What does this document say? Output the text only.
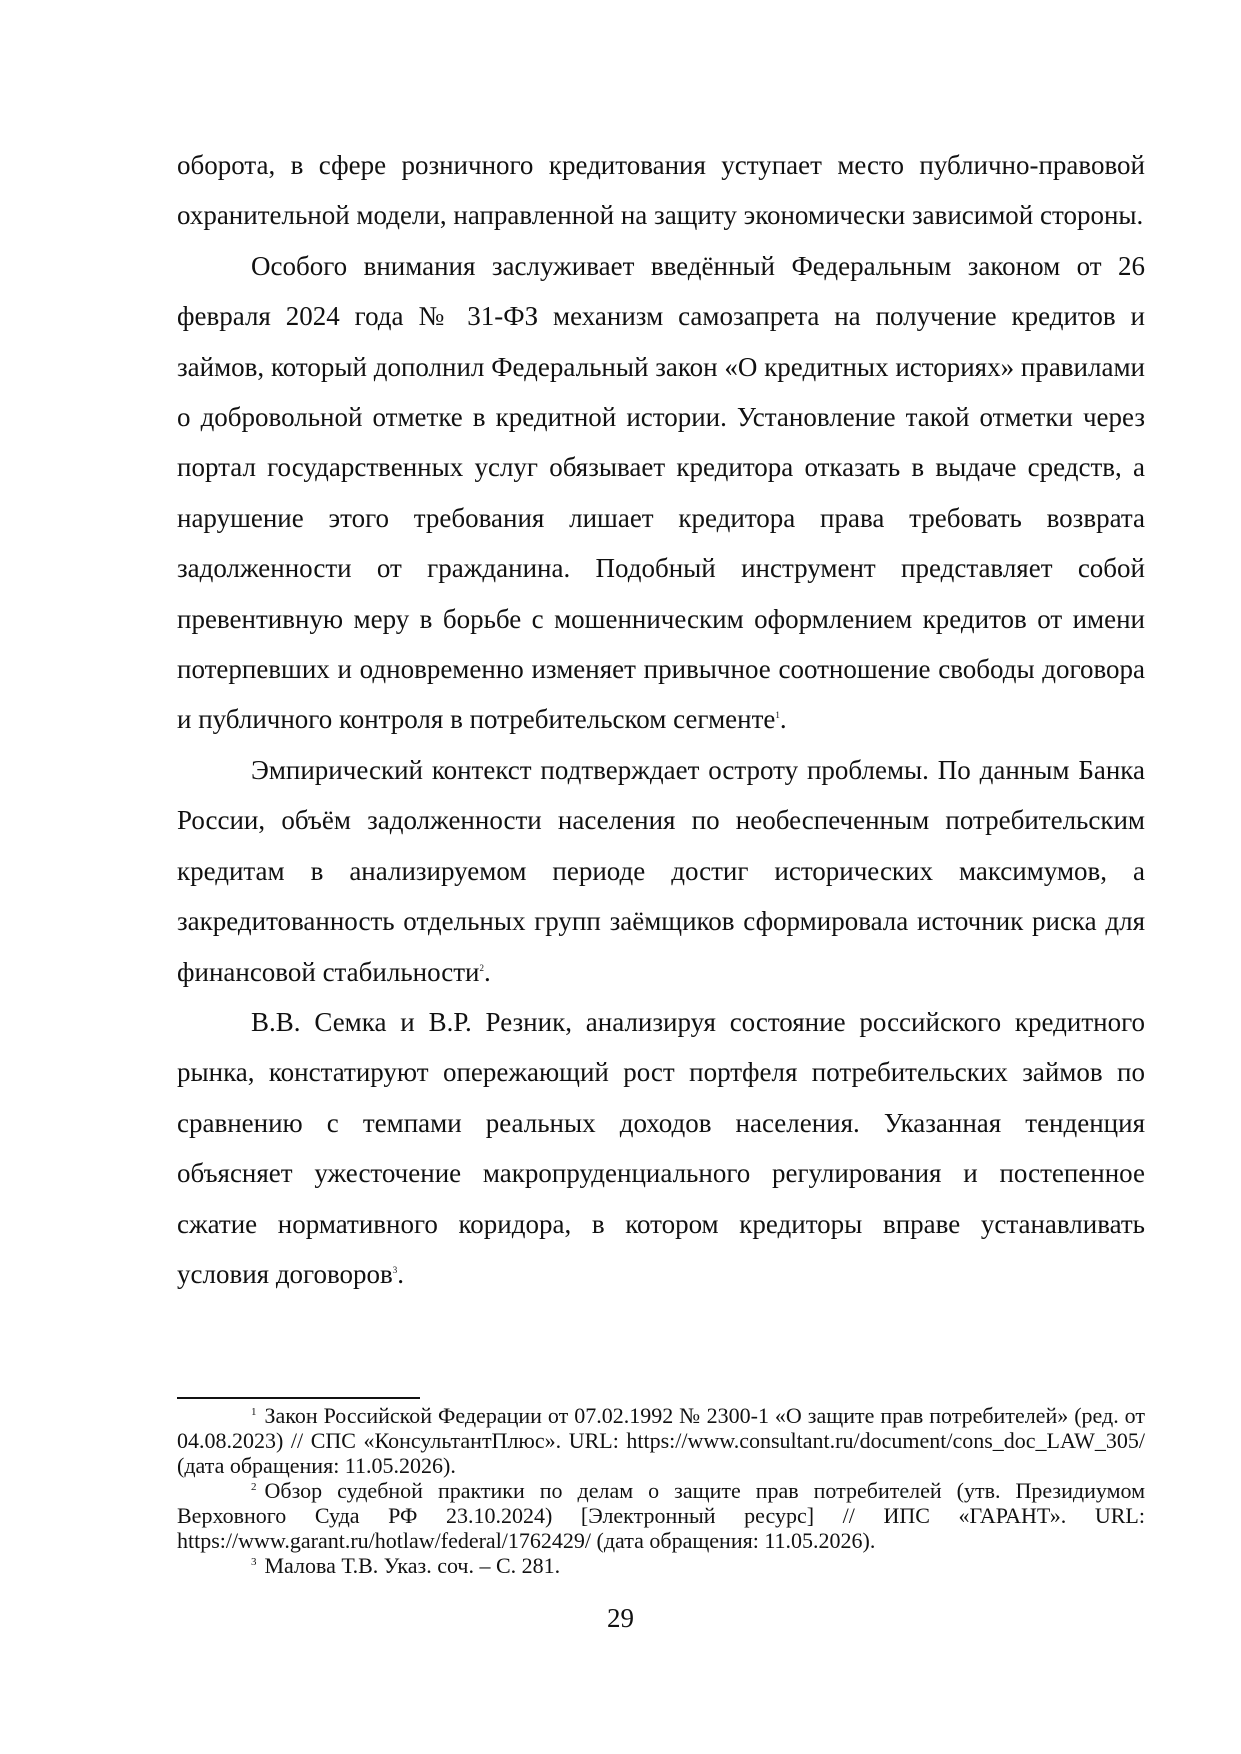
оборота, в сфере розничного кредитования уступает место публично-правовой охранительной модели, направленной на защиту экономически зависимой стороны.

Особого внимания заслуживает введённый Федеральным законом от 26 февраля 2024 года № 31-ФЗ механизм самозапрета на получение кредитов и займов, который дополнил Федеральный закон «О кредитных историях» правилами о добровольной отметке в кредитной истории. Установление такой отметки через портал государственных услуг обязывает кредитора отказать в выдаче средств, а нарушение этого требования лишает кредитора права требовать возврата задолженности от гражданина. Подобный инструмент представляет собой превентивную меру в борьбе с мошенническим оформлением кредитов от имени потерпевших и одновременно изменяет привычное соотношение свободы договора и публичного контроля в потребительском сегменте$^1$.

Эмпирический контекст подтверждает остроту проблемы. По данным Банка России, объём задолженности населения по необеспеченным потребительским кредитам в анализируемом периоде достиг исторических максимумов, а закредитованность отдельных групп заёмщиков сформировала источник риска для финансовой стабильности$^2$.

В.В. Семка и В.Р. Резник, анализируя состояние российского кредитного рынка, констатируют опережающий рост портфеля потребительских займов по сравнению с темпами реальных доходов населения. Указанная тенденция объясняет ужесточение макропруденциального регулирования и постепенное сжатие нормативного коридора, в котором кредиторы вправе устанавливать условия договоров$^3$.

$^1$ Закон Российской Федерации от 07.02.1992 № 2300-1 «О защите прав потребителей» (ред. от 04.08.2023) // СПС «КонсультантПлюс». URL: https://www.consultant.ru/document/cons_doc_LAW_305/ (дата обращения: 11.05.2026).

$^2$ Обзор судебной практики по делам о защите прав потребителей (утв. Президиумом Верховного Суда РФ 23.10.2024) [Электронный ресурс] // ИПС «ГАРАНТ». URL: https://www.garant.ru/hotlaw/federal/1762429/ (дата обращения: 11.05.2026).

$^3$ Малова Т.В. Указ. соч. – С. 281.

29
